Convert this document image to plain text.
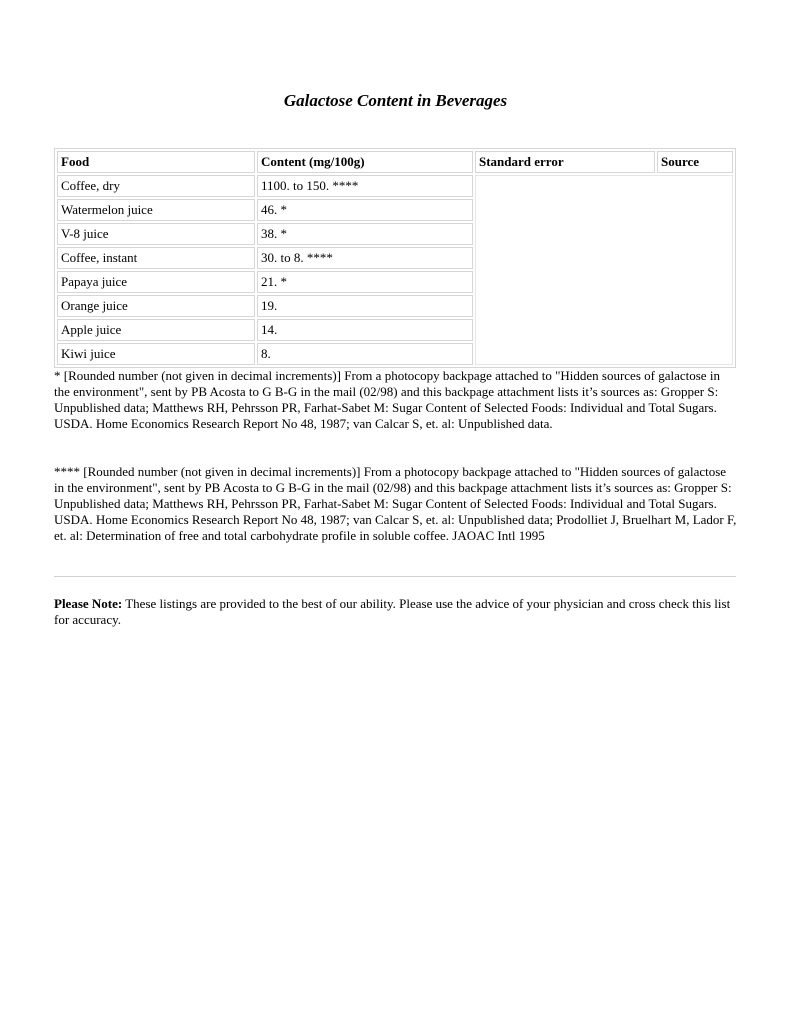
Galactose Content in Beverages
Food	Content (mg/100g)	Standard error	Source
Coffee, dry	1100. to 150. ****		
Watermelon juice	46. *		
V-8 juice	38. *		
Coffee, instant	30. to 8. ****		
Papaya juice	21. *		
Orange juice	19.		
Apple juice	14.		
Kiwi juice	8.		

* [Rounded number (not given in decimal increments)] From a photocopy backpage attached to "Hidden sources of galactose in the environment", sent by PB Acosta to G B-G in the mail (02/98) and this backpage attachment lists it’s sources as: Gropper S: Unpublished data; Matthews RH, Pehrsson PR, Farhat-Sabet M: Sugar Content of Selected Foods: Individual and Total Sugars. USDA. Home Economics Research Report No 48, 1987; van Calcar S, et. al: Unpublished data.

**** [Rounded number (not given in decimal increments)] From a photocopy backpage attached to "Hidden sources of galactose in the environment", sent by PB Acosta to G B-G in the mail (02/98) and this backpage attachment lists it’s sources as: Gropper S: Unpublished data; Matthews RH, Pehrsson PR, Farhat-Sabet M: Sugar Content of Selected Foods: Individual and Total Sugars. USDA. Home Economics Research Report No 48, 1987; van Calcar S, et. al: Unpublished data; Prodolliet J, Bruelhart M, Lador F, et. al: Determination of free and total carbohydrate profile in soluble coffee. JAOAC Intl 1995

Please Note: These listings are provided to the best of our ability. Please use the advice of your physician and cross check this list for accuracy.
